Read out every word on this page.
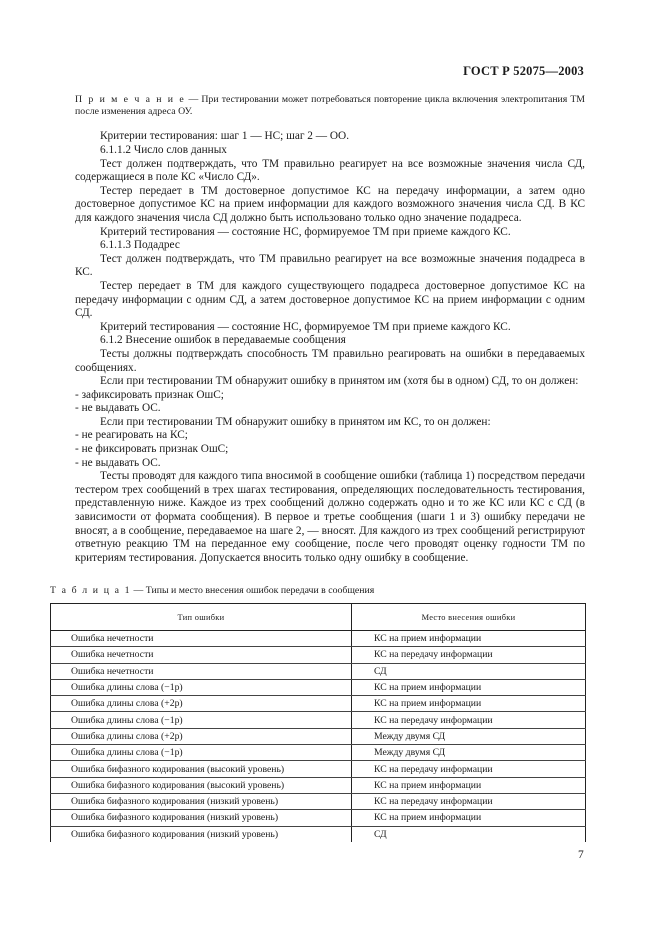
ГОСТ Р 52075—2003

П р и м е ч а н и е — При тестировании может потребоваться повторение цикла включения электропитания ТМ после изменения адреса ОУ.

Критерии тестирования: шаг 1 — НС; шаг 2 — ОО.

6.1.1.2 Число слов данных

Тест должен подтверждать, что ТМ правильно реагирует на все возможные значения числа СД, содержащиеся в поле КС «Число СД».

Тестер передает в ТМ достоверное допустимое КС на передачу информации, а затем одно достоверное допустимое КС на прием информации для каждого возможного значения числа СД. В КС для каждого значения числа СД должно быть использовано только одно значение подадреса.

Критерий тестирования — состояние НС, формируемое ТМ при приеме каждого КС.

6.1.1.3 Подадрес

Тест должен подтверждать, что ТМ правильно реагирует на все возможные значения подадреса в КС.

Тестер передает в ТМ для каждого существующего подадреса достоверное допустимое КС на передачу информации с одним СД, а затем достоверное допустимое КС на прием информации с одним СД.

Критерий тестирования — состояние НС, формируемое ТМ при приеме каждого КС.

6.1.2 Внесение ошибок в передаваемые сообщения

Тесты должны подтверждать способность ТМ правильно реагировать на ошибки в передаваемых сообщениях.

Если при тестировании ТМ обнаружит ошибку в принятом им (хотя бы в одном) СД, то он должен:

- зафиксировать признак ОшС;

- не выдавать ОС.

Если при тестировании ТМ обнаружит ошибку в принятом им КС, то он должен:

- не реагировать на КС;

- не фиксировать признак ОшС;

- не выдавать ОС.

Тесты проводят для каждого типа вносимой в сообщение ошибки (таблица 1) посредством передачи тестером трех сообщений в трех шагах тестирования, определяющих последовательность тестирования, представленную ниже. Каждое из трех сообщений должно содержать одно и то же КС или КС с СД (в зависимости от формата сообщения). В первое и третье сообщения (шаги 1 и 3) ошибку передачи не вносят, а в сообщение, передаваемое на шаге 2, — вносят. Для каждого из трех сообщений регистрируют ответную реакцию ТМ на переданное ему сообщение, после чего проводят оценку годности ТМ по критериям тестирования. Допускается вносить только одну ошибку в сообщение.

Т а б л и ц а 1 — Типы и место внесения ошибок передачи в сообщения
Тип ошибки	Место внесения ошибки
Ошибка нечетности	КС на прием информации
Ошибка нечетности	КС на передачу информации
Ошибка нечетности	СД
Ошибка длины слова (−1р)	КС на прием информации
Ошибка длины слова (+2р)	КС на прием информации
Ошибка длины слова (−1р)	КС на передачу информации
Ошибка длины слова (+2р)	Между двумя СД
Ошибка длины слова (−1р)	Между двумя СД
Ошибка бифазного кодирования (высокий уровень)	КС на передачу информации
Ошибка бифазного кодирования (высокий уровень)	КС на прием информации
Ошибка бифазного кодирования (низкий уровень)	КС на передачу информации
Ошибка бифазного кодирования (низкий уровень)	КС на прием информации
Ошибка бифазного кодирования (низкий уровень)	СД
7
